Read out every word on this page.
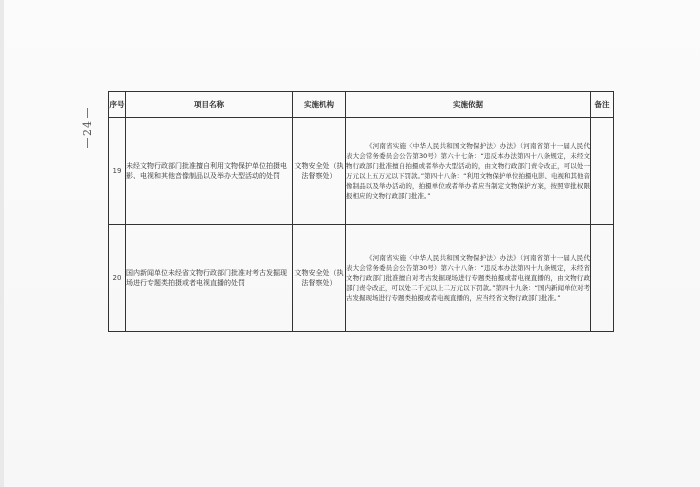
24
序号	项目名称	实施机构	实施依据	备注
19	未经文物行政部门批准擅自利用文物保护单位拍摄电影、电视和其他音像制品以及举办大型活动的处罚	文物安全处（执法督察处）	《河南省实施〈中华人民共和国文物保护法〉办法》（河南省第十一届人民代表大会常务委员会公告第30号）第六十七条：“违反本办法第四十八条规定，未经文物行政部门批准擅自拍摄或者举办大型活动的，由文物行政部门责令改正，可以处一万元以上五万元以下罚款。”第四十八条：“利用文物保护单位拍摄电影、电视和其他音像制品以及举办活动的，拍摄单位或者举办者应当制定文物保护方案，按照审批权限报相应的文物行政部门批准。”	
20	国内新闻单位未经省文物行政部门批准对考古发掘现场进行专题类拍摄或者电视直播的处罚	文物安全处（执法督察处）	《河南省实施〈中华人民共和国文物保护法〉办法》（河南省第十一届人民代表大会常务委员会公告第30号）第六十八条：“违反本办法第四十九条规定，未经省文物行政部门批准擅自对考古发掘现场进行专题类拍摄或者电视直播的，由文物行政部门责令改正，可以处二千元以上二万元以下罚款。”第四十九条：“国内新闻单位对考古发掘现场进行专题类拍摄或者电视直播的，应当经省文物行政部门批准。”	
